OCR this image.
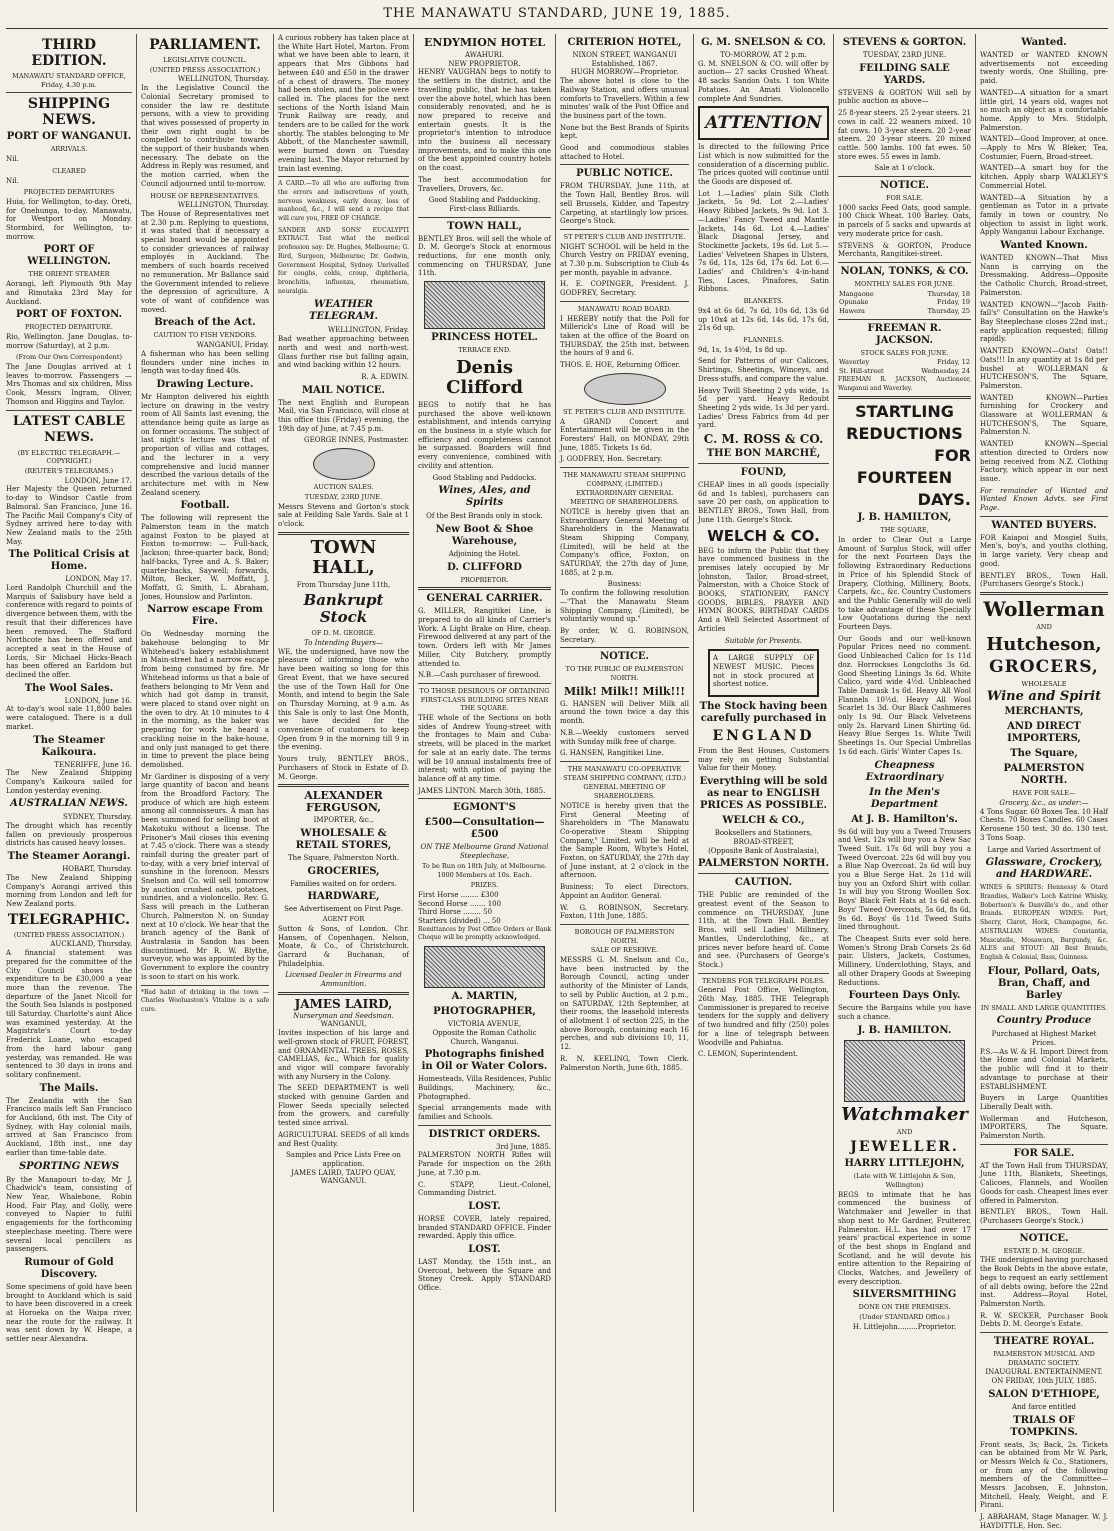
THE MANAWATU STANDARD, JUNE 19, 1885.
THIRD EDITION.
MANAWATU STANDARD OFFICE, Friday, 4.30 p.m.
SHIPPING NEWS.
PORT OF WANGANUI.
ARRIVALS.

Nil.

CLEARED

Nil.

PROJECTED DEPARTURES

Huia, for Wellington, to-day. Oreti, for Onehunga, to-day. Manawatu, for Westport on Monday. Stormbird, for Wellington, to-morrow.

PORT OF WELLINGTON.
THE ORIENT STEAMER

Aorangi, left Plymouth 9th May and Rimutaka 23rd May for Auckland.

PORT OF FOXTON.
PROJECTED DEPARTURE.

Rio, Wellington. Jane Douglas, to-morrow (Saturday), at 2 p.m.

(From Our Own Correspondent)

The Jane Douglas arrived at 1 leaves to-morrow. Passengers — Mrs Thomas and six children, Miss Cook, Messrs Ingram, Oliver, Thomson and Higgins and Taylor.

LATEST CABLE NEWS.
(BY ELECTRIC TELEGRAPH.—COPYRIGHT.)
(REUTER'S TELEGRAMS.)
LONDON, June 17.

Her Majesty the Queen returned to-day to Windsor Castle from Balmoral. San Francisco, June 16. The Pacific Mail Company's City of Sydney arrived here to-day with New Zealand mails to the 25th May.

The Political Crisis at Home.
LONDON, May 17.

Lord Randolph Churchill and the Marquis of Salisbury have held a conference with regard to points of divergence between them, with the result that their differences have been removed. The Stafford Northcote has been offered and accepted a seat in the House of Lords, Sir Michael Hicks-Beach has been offered an Earldom but declined the offer.

The Wool Sales.
LONDON, June 16.

At to-day's wool sale 11,800 bales were catalogued. There is a dull market.

The Steamer Kaikoura.
TENERIFFE, June 16.

The New Zealand Shipping Company's Kaikoura sailed for London yesterday evening.

AUSTRALIAN NEWS.
SYDNEY, Thursday.

The drought which has recently fallen on previously prosperous districts has caused heavy losses.

The Steamer Aorangi.
HOBART, Thursday.

The New Zealand Shipping Company's Aorangi arrived this morning from London and left for New Zealand ports.

TELEGRAPHIC.
(UNITED PRESS ASSOCIATION.)
AUCKLAND, Thursday.

A financial statement was prepared for the committee of the City Council shows the expenditure to be £30,000 a year more than the revenue. The departure of the Janet Nicoll for the South Sea Islands is postponed till Saturday. Charlotte's aunt Alice was examined yesterday. At the Magistrate's Court to-day Frederick Loane, who escaped from the hard labour gang yesterday, was remanded. He was sentenced to 30 days in irons and solitary confinement.

The Mails.

The Zealandia with the San Francisco mails left San Francisco for Auckland, 6th inst. The City of Sydney, with Hay colonial mails, arrived at San Francisco from Auckland, 18th inst., one day earlier than time-table date.

SPORTING NEWS

By the Manapouri to-day, Mr J. Chadwick's team, consisting of New Year, Whalebone, Robin Hood, Fair Play, and Golly, were conveyed to Napier to fulfil engagements for the forthcoming steeplechase meeting. There were several local pencillers as passengers.

Rumour of Gold Discovery.

Some specimens of gold have been brought to Auckland which is said to have been discovered in a creek at Horoeka on the Waipa river, near the route for the railway. It was sent down by W. Heape, a settler near Alexandra.

PARLIAMENT.
LEGISLATIVE COUNCIL.
(UNITED PRESS ASSOCIATION.)
WELLINGTON, Thursday.

In the Legislative Council the Colonial Secretary promised to consider the law re destitute persons, with a view to providing that wives possessed of property in their own right ought to be compelled to contribute towards the support of their husbands when necessary. The debate on the Address in Reply was resumed, and the motion carried, when the Council adjourned until to-morrow.

HOUSE OF REPRESENTATIVES.
WELLINGTON, Thursday.

The House of Representatives met at 2.30 p.m. Replying to questions, it was stated that if necessary a special board would be appointed to consider grievances of railway employés in Auckland. The members of such boards received no remuneration. Mr Ballance said the Government intended to relieve the depression of agriculture. A vote of want of confidence was moved.

Breach of the Act.
CAUTION TO FISH VENDORS.
WANGANUI, Friday.

A fisherman who has been selling flounders under nine inches in length was to-day fined 40s.

Drawing Lecture.

Mr Hampton delivered his eighth lecture on drawing in the vestry room of All Saints last evening, the attendance being quite as large as on former occasions. The subject of last night's lecture was that of proportion of villas and cottages, and the lecturer in a very comprehensive and lucid manner described the various details of the architecture met with in New Zealand scenery.

Football.

The following will represent the Palmerston team in the match against Foxton to be played at Foxton to-morrow: — Full-back, Jackson; three-quarter back, Bond; half-backs, Tyree and A. S. Baker; quarter-backs, Saywell; forwards, Milton, Becker, W. Moffatt, J. Moffatt, G. Smith, L. Abraham, Jones, Hounslow and Parlinton.

Narrow escape From Fire.

On Wednesday morning the bakehouse belonging to Mr Whitehead's bakery establishment in Main-street had a narrow escape from being consumed by fire. Mr Whitehead informs us that a bale of feathers belonging to Mr Venn and which had got damp in transit, were placed to stand over night on the oven to dry. At 10 minutes to 4 in the morning, as the baker was preparing for work he heard a crackling noise in the bake-house, and only just managed to get there in time to prevent the place being demolished.

Mr Gardiner is disposing of a very large quantity of bacon and beans from the Broadford Factory. The produce of which are high esteem among all connoisseurs. A man has been summoned for selling boot at Makotuku without a license. The Prisoner's Mail closes this evening at 7.45 o'clock. There was a steady rainfall during the greater part of to-day, with a very brief interval of sunshine in the forenoon. Messrs Snelson and Co. will sell tomorrow by auction crushed oats, potatoes, sundries, and a violoncello. Rev. G. Sass will preach in the Lutheran Church, Palmerston N. on Sunday next at 10 o'clock. We hear that the branch agency of the Bank of Australasia in Sandon has been discontinued. Mr R. W. Blythe, surveyor, who was appointed by the Government to explore the country is soon to start on his work.

*Bad habit of drinking in the town — Charles Wooluaston's Vitaline is a safe cure.

A curious robbery has taken place at the White Hart Hotel, Marton. From what we have been able to learn, it appears that Mrs Gibbons had between £40 and £50 in the drawer of a chest of drawers. The money had been stolen, and the police were called in. The places for the next sections of the North Island Main Trunk Railway are ready, and tenders are to be called for the work shortly. The stables belonging to Mr Abbott, of the Manchester sawmill, were burned down on Tuesday evening last. The Mayor returned by train last evening.

A CARD.—To all who are suffering from the errors and indiscretions of youth, nervous weakness, early decay, loss of manhood, &c., I will send a recipe that will cure you, FREE OF CHARGE.

SANDER AND SONS' EUCALYPTI EXTRACT. Test what the medical profession say: Dr. Hughes, Melbourne; G. Bird, Surgeon, Melbourne; Dr. Godwin, Government Hospital, Sydney. Unrivalled for coughs, colds, croup, diphtheria, bronchitis, influenza, rheumatism, neuralgia.

WEATHER TELEGRAM.
WELLINGTON, Friday.

Bad weather approaching between north and west and north-west. Glass further rise but falling again, and wind backing within 12 hours.

R. A. EDWIN.
MAIL NOTICE.

The next English and European Mail, via San Francisco, will close at this office this (Friday) evening, the 19th day of June, at 7.45 p.m.

GEORGE INNES, Postmaster.
AUCTION SALES.
TUESDAY, 23RD JUNE.

Messrs Stevens and Gorton's stock sale at Feilding Sale Yards. Sale at 1 o'clock.

TOWN HALL,
From Thursday June 11th,
Bankrupt Stock
OF D. M. GEORGE.
To Intending Buyers—

WE, the undersigned, have now the pleasure of informing those who have been waiting so long for this Great Event, that we have secured the use of the Town Hall for One Month, and intend to begin the Sale on Thursday Morning, at 9 a.m. As this Sale is only to last One Month, we have decided for the convenience of customers to keep Open from 9 in the morning till 9 in the evening.

Yours truly, BENTLEY BROS., Purchasers of Stock in Estate of D. M. George.

ALEXANDER FERGUSON,
IMPORTER, &c.,
WHOLESALE & RETAIL STORES,
The Square, Palmerston North.
GROCERIES,
Families waited on for orders.
HARDWARE,
See Advertisement on First Page.
AGENT FOR

Sutton & Sons, of London. Chr. Hansen, of Copenhagen. Nelson, Moate, & Co., of Christchurch. Garrard & Buchanan, of Philadelphia.

Licensed Dealer in Firearms and Ammunition.
JAMES LAIRD,
Nurseryman and Seedsman.
WANGANUI,

Invites inspection of his large and well-grown stock of FRUIT, FOREST, and ORNAMENTAL TREES, ROSES, CAMELIAS, &c., Which for quality and vigor will compare favorably with any Nursery in the Colony.

The SEED DEPARTMENT is well stocked with genuine Garden and Flower Seeds specially selected from the growers, and carefully tested since arrival.

AGRICULTURAL SEEDS of all kinds and Best Quality.

Samples and Price Lists Free on application.
JAMES LAIRD, TAUPO QUAY, WANGANUI.
ENDYMION HOTEL
AWAHURI.
NEW PROPRIETOR.

HENRY VAUGHAN begs to notify to the settlers in the district, and the travelling public, that he has taken over the above hotel, which has been considerably renovated, and he is now prepared to receive and entertain guests. It is the proprietor's intention to introduce into the business all necessary improvements, and to make this one of the best appointed country hotels on the coast.

The best accommodation for Travellers, Drovers, &c.

Good Stabling and Paddocking.
First-class Billiards.
TOWN HALL,

BENTLEY Bros. will sell the whole of D. M. George's Stock at enormous reductions, for one month only, commencing on THURSDAY, June 11th.

PRINCESS HOTEL.
TERRACE END.
Denis Clifford

BEGS to notify that he has purchased the above well-known establishment, and intends carrying on the business in a style which for efficiency and completeness cannot be surpassed. Boarders will find every convenience, combined with civility and attention.

Good Stabling and Paddocks.
Wines, Ales, and Spirits
Of the Best Brands only in stock.
New Boot & Shoe Warehouse,
Adjoining the Hotel.
D. CLIFFORD
PROPRIETOR.
GENERAL CARRIER.

G. MILLER, Rangitikei Line, is prepared to do all kinds of Carrier's Work. A Light Brake on Hire, cheap. Firewood delivered at any part of the town. Orders left with Mr James Miller, City Butchery, promptly attended to.

N.B.—Cash purchaser of firewood.

TO THOSE DESIROUS OF OBTAINING FIRST-CLASS BUILDING SITES NEAR THE SQUARE.

THE whole of the Sections on both sides of Andrew Young-street with the frontages to Main and Cuba-streets, will be placed in the market for sale at an early date. The terms will be 10 annual instalments free of interest; with option of paying the balance off at any time.

JAMES LINTON. March 30th, 1885.

EGMONT'S
£500—Consultation—£500
ON THE Melbourne Grand National Steeplechase,
To be Run on 18th July, at Melbourne.
1000 Members at 10s. Each.
PRIZES.
First Horse ........ £300
Second Horse ....... 100
Third Horse ........ 50
Starters (divided) ... 50

Remittances by Post Office Orders or Bank Cheque will be promptly acknowledged.

A. MARTIN,
PHOTOGRAPHER,
VICTORIA AVENUE,
Opposite the Roman Catholic Church, Wanganui.
Photographs finished in Oil or Water Colors.

Homesteads, Villa Residences, Public Buildings, Machinery, &c., Photographed.

Special arrangements made with families and Schools.

DISTRICT ORDERS.
3rd June, 1885.

PALMERSTON NORTH Rifles will Parade for inspection on the 26th June, at 7.30 p.m.

C. STAPP, Lieut.-Colonel, Commanding District.

LOST.

HORSE COVER, lately repaired, branded STANDARD OFFICE. Finder rewarded. Apply this office.

LOST.

LAST Monday, the 15th inst., an Overcoat, between the Square and Stoney Creek. Apply STANDARD Office.

CRITERION HOTEL,
NIXON STREET, WANGANUI
Established, 1867.
HUGH MORROW—Proprietor.

The above hotel is close to the Railway Station, and offers unusual comforts to Travellers. Within a few minutes' walk of the Post Office and the business part of the town.

None but the Best Brands of Spirits kept.

Good and commodious stables attached to Hotel.

PUBLIC NOTICE.

FROM THURSDAY, June 11th, at the Town Hall, Bentley Bros. will sell Brussels, Kidder, and Tapestry Carpeting, at startlingly low prices. George's Stock.

ST PETER'S CLUB AND INSTITUTE.

NIGHT SCHOOL will be held in the Church Vestry on FRIDAY evening, at 7.30 p.m. Subscription to Club 4s per month, payable in advance.

H. E. COPINGER, President. J. GODFREY, Secretary.

MANAWATU ROAD BOARD.

I HEREBY notify that the Poll for Millerick's Line of Road will be taken at the office of the Board on THURSDAY, the 25th inst. between the hours of 9 and 6.

THOS. E. HOE, Returning Officer.

ST. PETER'S CLUB AND INSTITUTE.

A GRAND Concert and Entertainment will be given in the Foresters' Hall, on MONDAY, 29th June, 1885. Tickets 1s 6d.

J. GODFREY, Hon. Secretary.

THE MANAWATU STEAM SHIPPING COMPANY, (LIMITED.)
EXTRAORDINARY GENERAL MEETING OF SHAREHOLDERS.

NOTICE is hereby given that an Extraordinary General Meeting of Shareholders in the Manawatu Steam Shipping Company, (Limited), will be held at the Company's office, Foxton, on SATURDAY, the 27th day of June, 1885, at 2 p.m.

Business:

To confirm the following resolution—"That the Manawatu Steam Shipping Company, (Limited), be voluntarily wound up."

By order, W. G. ROBINSON, Secretary.

NOTICE.
TO THE PUBLIC OF PALMERSTON NORTH.
Milk! Milk!! Milk!!!

G. HANSEN will Deliver Milk all around the town twice a day this month.

N.B.—Weekly customers served with Sunday milk free of charge.

G. HANSEN, Rangitikei Line.

THE MANAWATU CO-OPERATIVE STEAM SHIPPING COMPANY, (LTD.)
GENERAL MEETING OF SHAREHOLDERS.

NOTICE is hereby given that the First General Meeting of Shareholders in "The Manawatu Co-operative Steam Shipping Company," Limited, will be held at the Sample Room, Whyte's Hotel, Foxton, on SATURDAY, the 27th day of June instant, at 2 o'clock in the afternoon.

Business: To elect Directors. Appoint an Auditor. General.

W. G. ROBINSON, Secretary. Foxton, 11th June, 1885.

BOROUGH OF PALMERSTON NORTH.
SALE OF RESERVE.

MESSRS G. M. Snelson and Co., have been instructed by the Borough Council, acting under authority of the Minister of Lands, to sell by Public Auction, at 2 p.m., on SATURDAY, 12th September, at their rooms, the leasehold interests of allotment 1 of section 225, in the above Borough, containing each 16 perches, and sub divisions 10, 11, 12.

R. N. KEELING, Town Clerk. Palmerston North, June 6th, 1885.

G. M. SNELSON & CO.
TO-MORROW, AT 2 p.m.

G. M. SNELSON & CO. will offer by auction— 27 sacks Crushed Wheat. 48 sacks Sandon Oats. 1 ton White Potatoes. An Amati Violoncello complete And Sundries.

ATTENTION

Is directed to the following Price List which is now submitted for the consideration of a discerning public. The prices quoted will continue until the Goods are disposed of.

Lot 1.—Ladies' plain Silk Cloth Jackets, 5s 9d. Lot 2.—Ladies' Heavy Ribbed Jackets, 9s 9d. Lot 3.—Ladies' Fancy Tweed and Mantle Jackets, 14s 6d. Lot 4.—Ladies' Black Diagonal Jersey, and Stockinette Jackets, 19s 6d. Lot 5.—Ladies' Velveteen Shapes in Ulsters, 7s 6d, 11s, 12s 6d, 17s 6d. Lot 6.—Ladies' and Children's 4-in-hand Ties, Laces, Pinafores, Satin Ribbons.

BLANKETS.

9x4 at 6s 6d, 7s 6d, 10s 6d, 13s 6d up 10x4 at 12s 6d, 14s 6d, 17s 6d, 21s 6d up.

FLANNELS.

9d, 1s, 1s 4½d, 1s 8d up.

Send for Patterns of our Calicoes, Shirtings, Sheetings, Winceys, and Dress-stuffs, and compare the value.

Heavy Twill Sheeting 2 yds wide, 1s 5d per yard. Heavy Redoubt Sheeting 2 yds wide, 1s 3d per yard. Ladies' Dress Fabrics from 4d per yard.

C. M. ROSS & CO.
THE BON MARCHÉ,
FOUND,

CHEAP lines in all goods (specially 6d and 1s tables), purchasers can save 20 per cash, on application to BENTLEY BROS., Town Hall, from June 11th. George's Stock.

WELCH & CO.

BEG to inform the Public that they have commenced business in the premises lately occupied by Mr Johnston, Tailor, Broad-street, Palmerston, with a Choice Stock of BOOKS, STATIONERY, FANCY GOODS, BIBLES, PRAYER AND HYMN BOOKS, BIRTHDAY CARDS And a Well Selected Assortment of Articles

Suitable for Presents.

A LARGE SUPPLY OF NEWEST MUSIC. Pieces not in stock procured at shortest notice.

The Stock having been carefully purchased in
ENGLAND

From the Best Houses, Customers may rely on getting Substantial Value for their Money.

Everything will be sold as near to ENGLISH PRICES AS POSSIBLE.
WELCH & CO.,
Booksellers and Stationers,
BROAD-STREET,
(Opposite Bank of Australasia),
PALMERSTON NORTH.
CAUTION.

THE Public are reminded of the greatest event of the Season to commence on THURSDAY, June 11th, at the Town Hall. Bentley Bros. will sell Ladies' Millinery, Mantles, Underclothing, &c., at prices never before heard of. Come and see. (Purchasers of George's Stock.)

TENDERS FOR TELEGRAPH POLES.

General Post Office, Wellington, 26th May, 1885. THE Telegraph Commissioner is prepared to receive tenders for the supply and delivery of two hundred and fifty (250) poles for a line of telegraph between Woodville and Pahiatua.

C. LEMON, Superintendent.

STEVENS & GORTON.
TUESDAY, 23RD JUNE.
FEILDING SALE YARDS.

STEVENS & GORTON Will sell by public auction as above—

25 8-year steers. 25 2-year steers. 21 cows in calf. 22 weaners mixed. 10 fat cows. 10 3-year steers. 20 2-year steers. 20 3-year steers. 20 mixed cattle. 500 lambs. 100 fat ewes. 50 store ewes. 55 ewes in lamb.

Sale at 1 o'clock.
NOTICE.
FOR SALE.

1000 sacks Feed Oats, good sample. 100 Chick Wheat. 100 Barley. Oats, in parcels of 5 sacks and upwards at very moderate price for cash.

STEVENS & GORTON, Produce Merchants, Rangitikei-street.

NOLAN, TONKS, & CO.
MONTHLY SALES FOR JUNE.
Mangaone	Thursday, 18
Opunake	Friday, 19
Hawera	Thursday, 25
FREEMAN R. JACKSON.
STOCK SALES FOR JUNE.
Waverley	Friday, 12
St. Hill-street	Wednesday, 24

FREEMAN R. JACKSON, Auctioneer, Wanganui and Waverley.

STARTLING
REDUCTIONS
FOR
FOURTEEN
DAYS.
J. B. HAMILTON,
THE SQUARE,

In order to Clear Out a Large Amount of Surplus Stock, will offer for the next Fourteen Days the following Extraordinary Reductions in Price of his Splendid Stock of Drapery, Clothing, Millinery, Boots, Carpets, &c., &c. Country Customers and the Public Generally will do well to take advantage of these Specially Low Quotations during the next Fourteen Days.

Our Goods and our well-known Popular Prices need no comment. Good Unbleached Calico for 1s 11d doz. Horrockses Longcloths 3s 6d. Good Sheeting Linings 3s 6d. White Calico, yard wide 4½d. Unbleached Table Damask 1s 6d. Heavy All Wool Flannels 10½d. Heavy All Wool Scarlet 1s 3d. Our Black Cashmeres only 1s 9d. Our Black Velveteens only 2s. Harvard Linen Shirting 6d. Heavy Blue Serges 1s. White Twill Sheetings 1s. Our Special Umbrellas 1s 6d each. Girls' Winter Capes 1s.

Cheapness Extraordinary
In the Men's Department
At J. B. Hamilton's.

9s 6d will buy you a Tweed Trousers and Vest. 12s will buy you a New Sac Tweed Suit. 17s 6d will buy you a Tweed Overcoat. 22s 6d will buy you a Blue Nap Overcoat. 2s 6d will buy you a Blue Serge Hat. 2s 11d will buy you an Oxford Shirt with collar. 1s will buy you Strong Woollen Sox. Boys' Black Felt Hats at 1s 6d each. Boys' Tweed Overcoats, 5s 6d, 8s 6d, 9s 6d. Boys' 6s 11d Tweed Suits lined throughout.

The Cheapest Suits ever sold here. Women's Strong Drab Corsets 2s 6d pair. Ulsters, Jackets, Costumes, Millinery, Underclothing, Stays, and all other Drapery Goods at Sweeping Reductions.

Fourteen Days Only.

Secure the Bargains while you have such a chance.

J. B. HAMILTON.
Watchmaker
AND
JEWELLER.
HARRY LITTLEJOHN,
(Late with W. Littlejohn & Son, Wellington)

BEGS to intimate that he has commenced the business of Watchmaker and Jeweller in that shop next to Mr Gardner, Fruiterer, Palmerston. H.L. has had over 17 years' practical experience in some of the best shops in England and Scotland, and he will devote his entire attention to the Repairing of Clocks, Watches, and Jewellery of every description.

SILVERSMITHING
DONE ON THE PREMISES.
(Under STANDARD Office.)
H. Littlejohn.........Proprietor.
Wanted.

WANTED or WANTED KNOWN advertisements not exceeding twenty words, One Shilling, pre-paid.

WANTED—A situation for a smart little girl, 14 years old, wages not so much an object as a comfortable home. Apply to Mrs. Stidolph, Palmerston.

WANTED—Good Improver, at once.—Apply to Mrs W. Bleker, Tea, Costumier, Fuern, Broad-street.

WANTED—A smart boy for the kitchen. Apply sharp WALKLEY'S Commercial Hotel.

WANTED—A Situation by a gentleman as Tutor in a private family in town or country. No objection to assist in light work. Apply Wanganui Labour Exchange.

Wanted Known.

WANTED KNOWN—That Miss Nann is carrying on the Dressmaking. Address—Opposite the Catholic Church, Broad-street, Palmerston.

WANTED KNOWN—"Jacob Faith-fall's" Consultation on the Hawke's Bay Steeplechase closes 22nd inst.; early application requested; filling rapidly.

WANTED KNOWN—Oats! Oats!! Oats!!! In any quantity at 1s 8d per bushel at WOLLERMAN & HUTCHESON'S, The Square, Palmerston.

WANTED KNOWN—Parties furnishing for Crockery and Glassware at WOLLERMAN & HUTCHESON'S, The Square, Palmerston N.

WANTED KNOWN—Special attention directed to Orders now being received from N.Z. Clothing Factory, which appear in our next issue.

For remainder of Wanted and Wanted Known Advts. see First Page.

WANTED BUYERS.

FOR Kaiapoi and Mosgiel Suits, Men's, boy's, and youths clothing, in large variety. Very cheap and good.

BENTLEY BROS., Town Hall. (Purchasers George's Stock.)

Wollerman
AND
Hutcheson,
GROCERS,
WHOLESALE
Wine and Spirit
MERCHANTS,
AND DIRECT IMPORTERS,
The Square,
PALMERSTON NORTH.
HAVE FOR SALE—
Grocery, &c., as under:—

4 Tons Sugar. 60 Boxes Tea. 10 Half Chests. 70 Boxes Candles. 60 Cases Kerosene 150 test. 30 do. 130 test. 3 Tons Soap.

Large and Varied Assortment of
Glassware, Crockery, and HARDWARE.

WINES & SPIRITS: Hennessy & Otard Brandies, Walker's Loch Katrine Whisky, Bobertson's & Danville's do., and other Brands. EUROPEAN WINES: Port, Sherry, Claret, Hock, Champagne, &c. AUSTRALIAN WINES: Constantia, Muscatelle, Mosawara, Burgundy, &c. ALES and STOUT: All Best Brands, English & Colonial, Bass, Guinness.

Flour, Pollard, Oats, Bran, Chaff, and Barley
IN SMALL AND LARGE QUANTITIES.
Country Produce
Purchased at Highest Market Prices.

P.S.—As W. & H. Import Direct from the Home and Colonial Markets, the public will find it to their advantage to purchase at their ESTABLISHMENT.

Buyers in Large Quantities Liberally Dealt with.

Wollerman and Hutcheson, IMPORTERS, The Square, Palmerston North.

FOR SALE.

AT the Town Hall from THURSDAY, June 11th, Blankets, Sheetings, Calicoes, Flannels, and Woollen Goods for cash. Cheapest lines ever offered in Palmerston.

BENTLEY BROS., Town Hall. (Purchasers George's Stock.)

NOTICE.
ESTATE D. M. GEORGE.

THE undersigned having purchased the Book Debts in the above estate, begs to request an early settlement of all debts owing, before the 22nd inst. Address—Royal Hotel, Palmerston North.

R. W. SECKER, Purchaser Book Debts D. M. George's Estate.

THEATRE ROYAL.
PALMERSTON MUSICAL AND DRAMATIC SOCIETY.
INAUGURAL ENTERTAINMENT.
ON FRIDAY, 10th JULY, 1885.
SALON D'ETHIOPE,
And farce entitled
TRIALS OF TOMPKINS.

Front seats, 3s; Back, 2s. Tickets can be obtained from Mr W. Park, or Messrs Welch & Co., Stationers, or from any of the following members of the Committee—Messrs Jacobsen, E. Johnston, Mitchell, Healy, Weight, and F. Pirani.

J. ABRAHAM, Stage Manager. W. J. HAYDITTLE, Hon. Sec.
